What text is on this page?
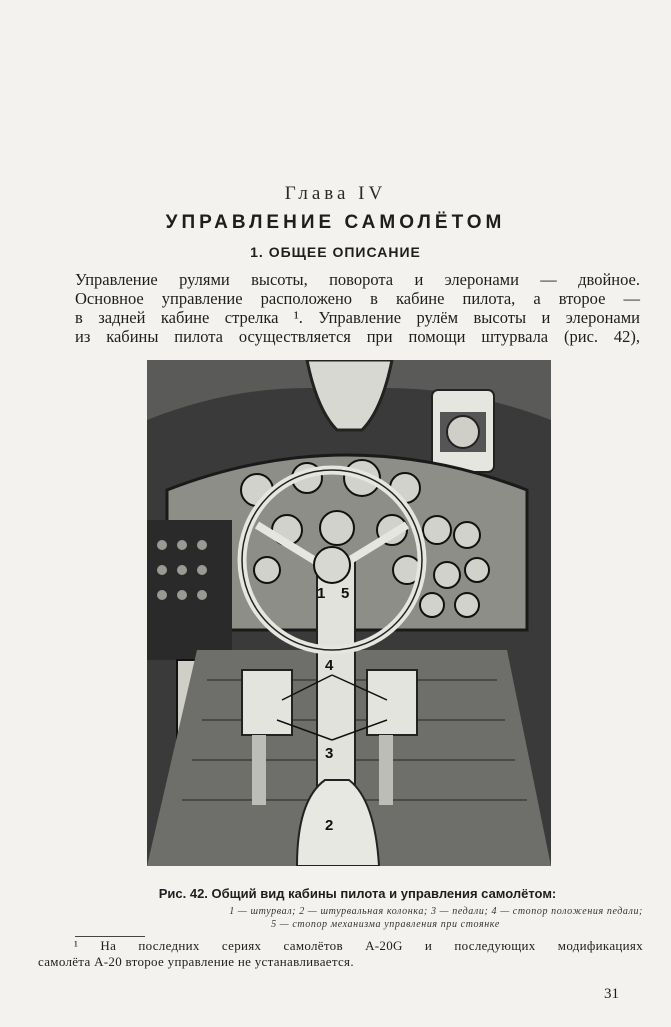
Глава IV
УПРАВЛЕНИЕ САМОЛЁТОМ
1. ОБЩЕЕ ОПИСАНИЕ
Управление рулями высоты, поворота и элеронами — двойное.
Основное управление расположено в кабине пилота, а второе —
в задней кабине стрелка ¹. Управление рулём высоты и элеронами
из кабины пилота осуществляется при помощи штурвала (рис. 42),
1 5
4
3
2
Рис. 42. Общий вид кабины пилота и управления самолётом:
1 — штурвал; 2 — штурвальная колонка; 3 — педали; 4 — стопор положения педали;
5 — стопор механизма управления при стоянке
¹ На последних сериях самолётов А-20G и последующих модификациях
самолёта А-20 второе управление не устанавливается.
31
